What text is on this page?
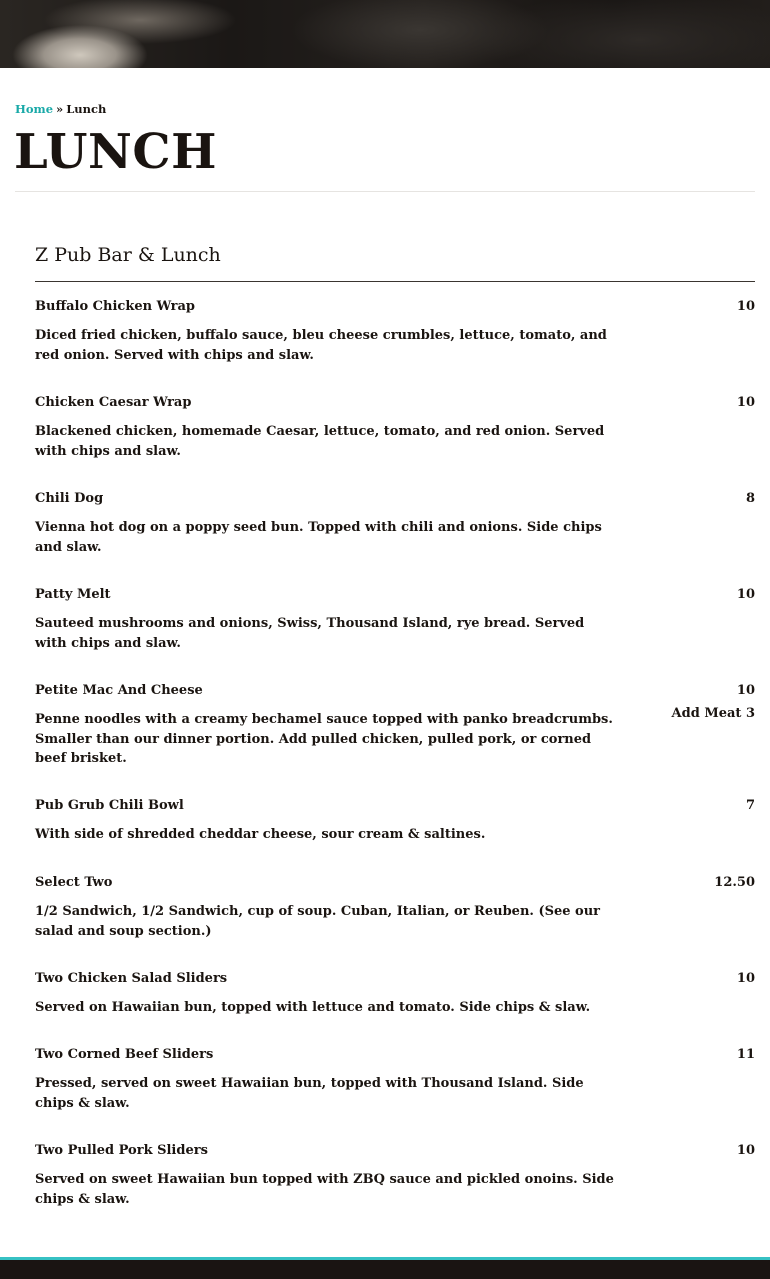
Home » Lunch
LUNCH
Z Pub Bar & Lunch
Buffalo Chicken Wrap	10
Diced fried chicken, buffalo sauce, bleu cheese crumbles, lettuce, tomato, and red onion. Served with chips and slaw.
Chicken Caesar Wrap	10
Blackened chicken, homemade Caesar, lettuce, tomato, and red onion. Served with chips and slaw.
Chili Dog	8
Vienna hot dog on a poppy seed bun. Topped with chili and onions. Side chips and slaw.
Patty Melt	10
Sauteed mushrooms and onions, Swiss, Thousand Island, rye bread. Served with chips and slaw.
Petite Mac And Cheese	10
Add Meat 3
Penne noodles with a creamy bechamel sauce topped with panko breadcrumbs. Smaller than our dinner portion. Add pulled chicken, pulled pork, or corned beef brisket.
Pub Grub Chili Bowl	7
With side of shredded cheddar cheese, sour cream & saltines.
Select Two	12.50
1/2 Sandwich, 1/2 Sandwich, cup of soup. Cuban, Italian, or Reuben. (See our salad and soup section.)
Two Chicken Salad Sliders	10
Served on Hawaiian bun, topped with lettuce and tomato. Side chips & slaw.
Two Corned Beef Sliders	11
Pressed, served on sweet Hawaiian bun, topped with Thousand Island. Side chips & slaw.
Two Pulled Pork Sliders	10
Served on sweet Hawaiian bun topped with ZBQ sauce and pickled onoins. Side chips & slaw.
